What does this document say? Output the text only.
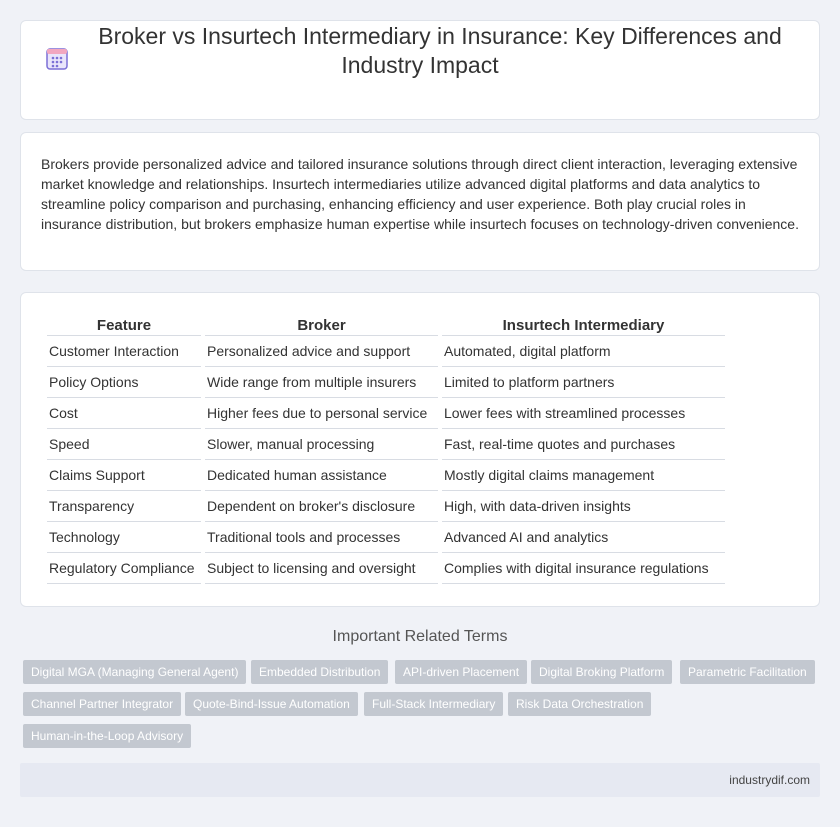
Broker vs Insurtech Intermediary in Insurance: Key Differences and
Industry Impact

Brokers provide personalized advice and tailored insurance solutions through direct client interaction, leveraging extensive market knowledge and relationships. Insurtech intermediaries utilize advanced digital platforms and data analytics to streamline policy comparison and purchasing, enhancing efficiency and user experience. Both play crucial roles in insurance distribution, but brokers emphasize human expertise while insurtech focuses on technology-driven convenience.

Feature	Broker	Insurtech Intermediary
Customer Interaction	Personalized advice and support	Automated, digital platform
Policy Options	Wide range from multiple insurers	Limited to platform partners
Cost	Higher fees due to personal service	Lower fees with streamlined processes
Speed	Slower, manual processing	Fast, real-time quotes and purchases
Claims Support	Dedicated human assistance	Mostly digital claims management
Transparency	Dependent on broker's disclosure	High, with data-driven insights
Technology	Traditional tools and processes	Advanced AI and analytics
Regulatory Compliance	Subject to licensing and oversight	Complies with digital insurance regulations
Important Related Terms
Digital MGA (Managing General Agent)	Embedded Distribution	API-driven Placement	Digital Broking Platform	Parametric Facilitation
Channel Partner Integrator	Quote-Bind-Issue Automation	Full-Stack Intermediary	Risk Data Orchestration
Human-in-the-Loop Advisory
industrydif.com
